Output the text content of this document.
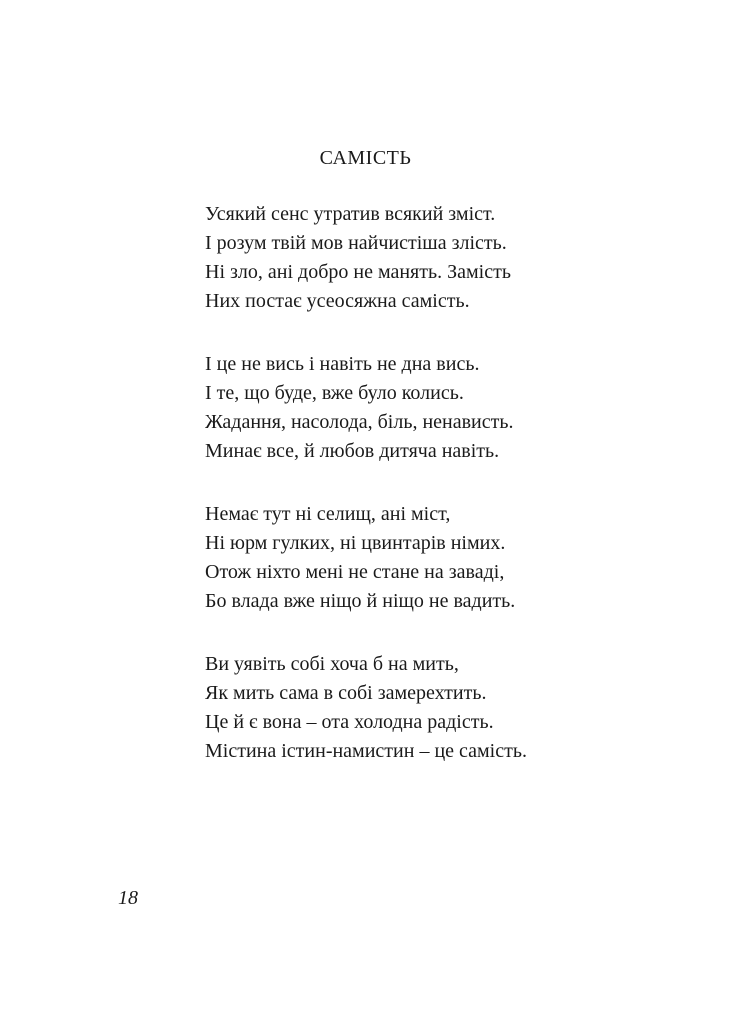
САМІСТЬ
Усякий сенс утратив всякий зміст.
І розум твій мов найчистіша злість.
Ні зло, ані добро не манять. Замість
Них постає усеосяжна самість.
І це не вись і навіть не дна вись.
І те, що буде, вже було колись.
Жадання, насолода, біль, ненависть.
Минає все, й любов дитяча навіть.
Немає тут ні селищ, ані міст,
Ні юрм гулких, ні цвинтарів німих.
Отож ніхто мені не стане на заваді,
Бо влада вже ніщо й ніщо не вадить.
Ви уявіть собі хоча б на мить,
Як мить сама в собі замерехтить.
Це й є вона – ота холодна радість.
Містина істин-намистин – це самість.
18
